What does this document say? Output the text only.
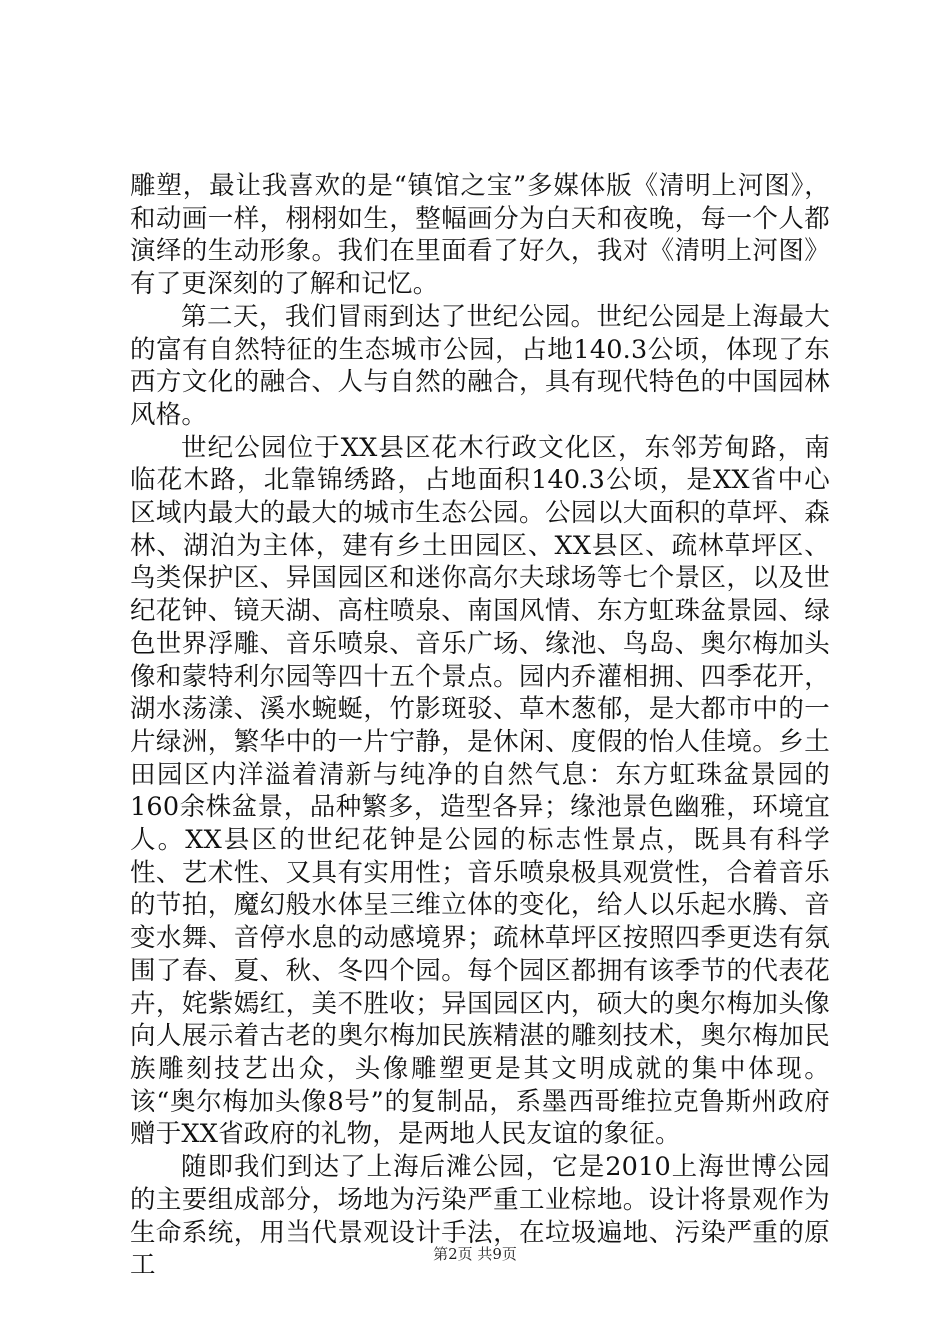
雕塑，最让我喜欢的是“镇馆之宝”多媒体版《清明上河图》，和动画一样，栩栩如生，整幅画分为白天和夜晚，每一个人都演绎的生动形象。我们在里面看了好久，我对《清明上河图》有了更深刻的了解和记忆。

第二天，我们冒雨到达了世纪公园。世纪公园是上海最大的富有自然特征的生态城市公园，占地140.3公顷，体现了东西方文化的融合、人与自然的融合，具有现代特色的中国园林风格。

世纪公园位于XX县区花木行政文化区，东邻芳甸路，南临花木路，北靠锦绣路，占地面积140.3公顷，是XX省中心区域内最大的最大的城市生态公园。公园以大面积的草坪、森林、湖泊为主体，建有乡土田园区、XX县区、疏林草坪区、鸟类保护区、异国园区和迷你高尔夫球场等七个景区，以及世纪花钟、镜天湖、高柱喷泉、南国风情、东方虹珠盆景园、绿色世界浮雕、音乐喷泉、音乐广场、缘池、鸟岛、奥尔梅加头像和蒙特利尔园等四十五个景点。园内乔灌相拥、四季花开，湖水荡漾、溪水蜿蜒，竹影斑驳、草木葱郁，是大都市中的一片绿洲，繁华中的一片宁静，是休闲、度假的怡人佳境。乡土田园区内洋溢着清新与纯净的自然气息：东方虹珠盆景园的160余株盆景，品种繁多，造型各异；缘池景色幽雅，环境宜人。XX县区的世纪花钟是公园的标志性景点，既具有科学性、艺术性、又具有实用性；音乐喷泉极具观赏性，合着音乐的节拍，魔幻般水体呈三维立体的变化，给人以乐起水腾、音变水舞、音停水息的动感境界；疏林草坪区按照四季更迭有氛围了春、夏、秋、冬四个园。每个园区都拥有该季节的代表花卉，姹紫嫣红，美不胜收；异国园区内，硕大的奥尔梅加头像向人展示着古老的奥尔梅加民族精湛的雕刻技术，奥尔梅加民族雕刻技艺出众，头像雕塑更是其文明成就的集中体现。该“奥尔梅加头像8号”的复制品，系墨西哥维拉克鲁斯州政府赠于XX省政府的礼物，是两地人民友谊的象征。

随即我们到达了上海后滩公园，它是2010上海世博公园的主要组成部分，场地为污染严重工业棕地。设计将景观作为生命系统，用当代景观设计手法，在垃圾遍地、污染严重的原工	第2页 共9页
